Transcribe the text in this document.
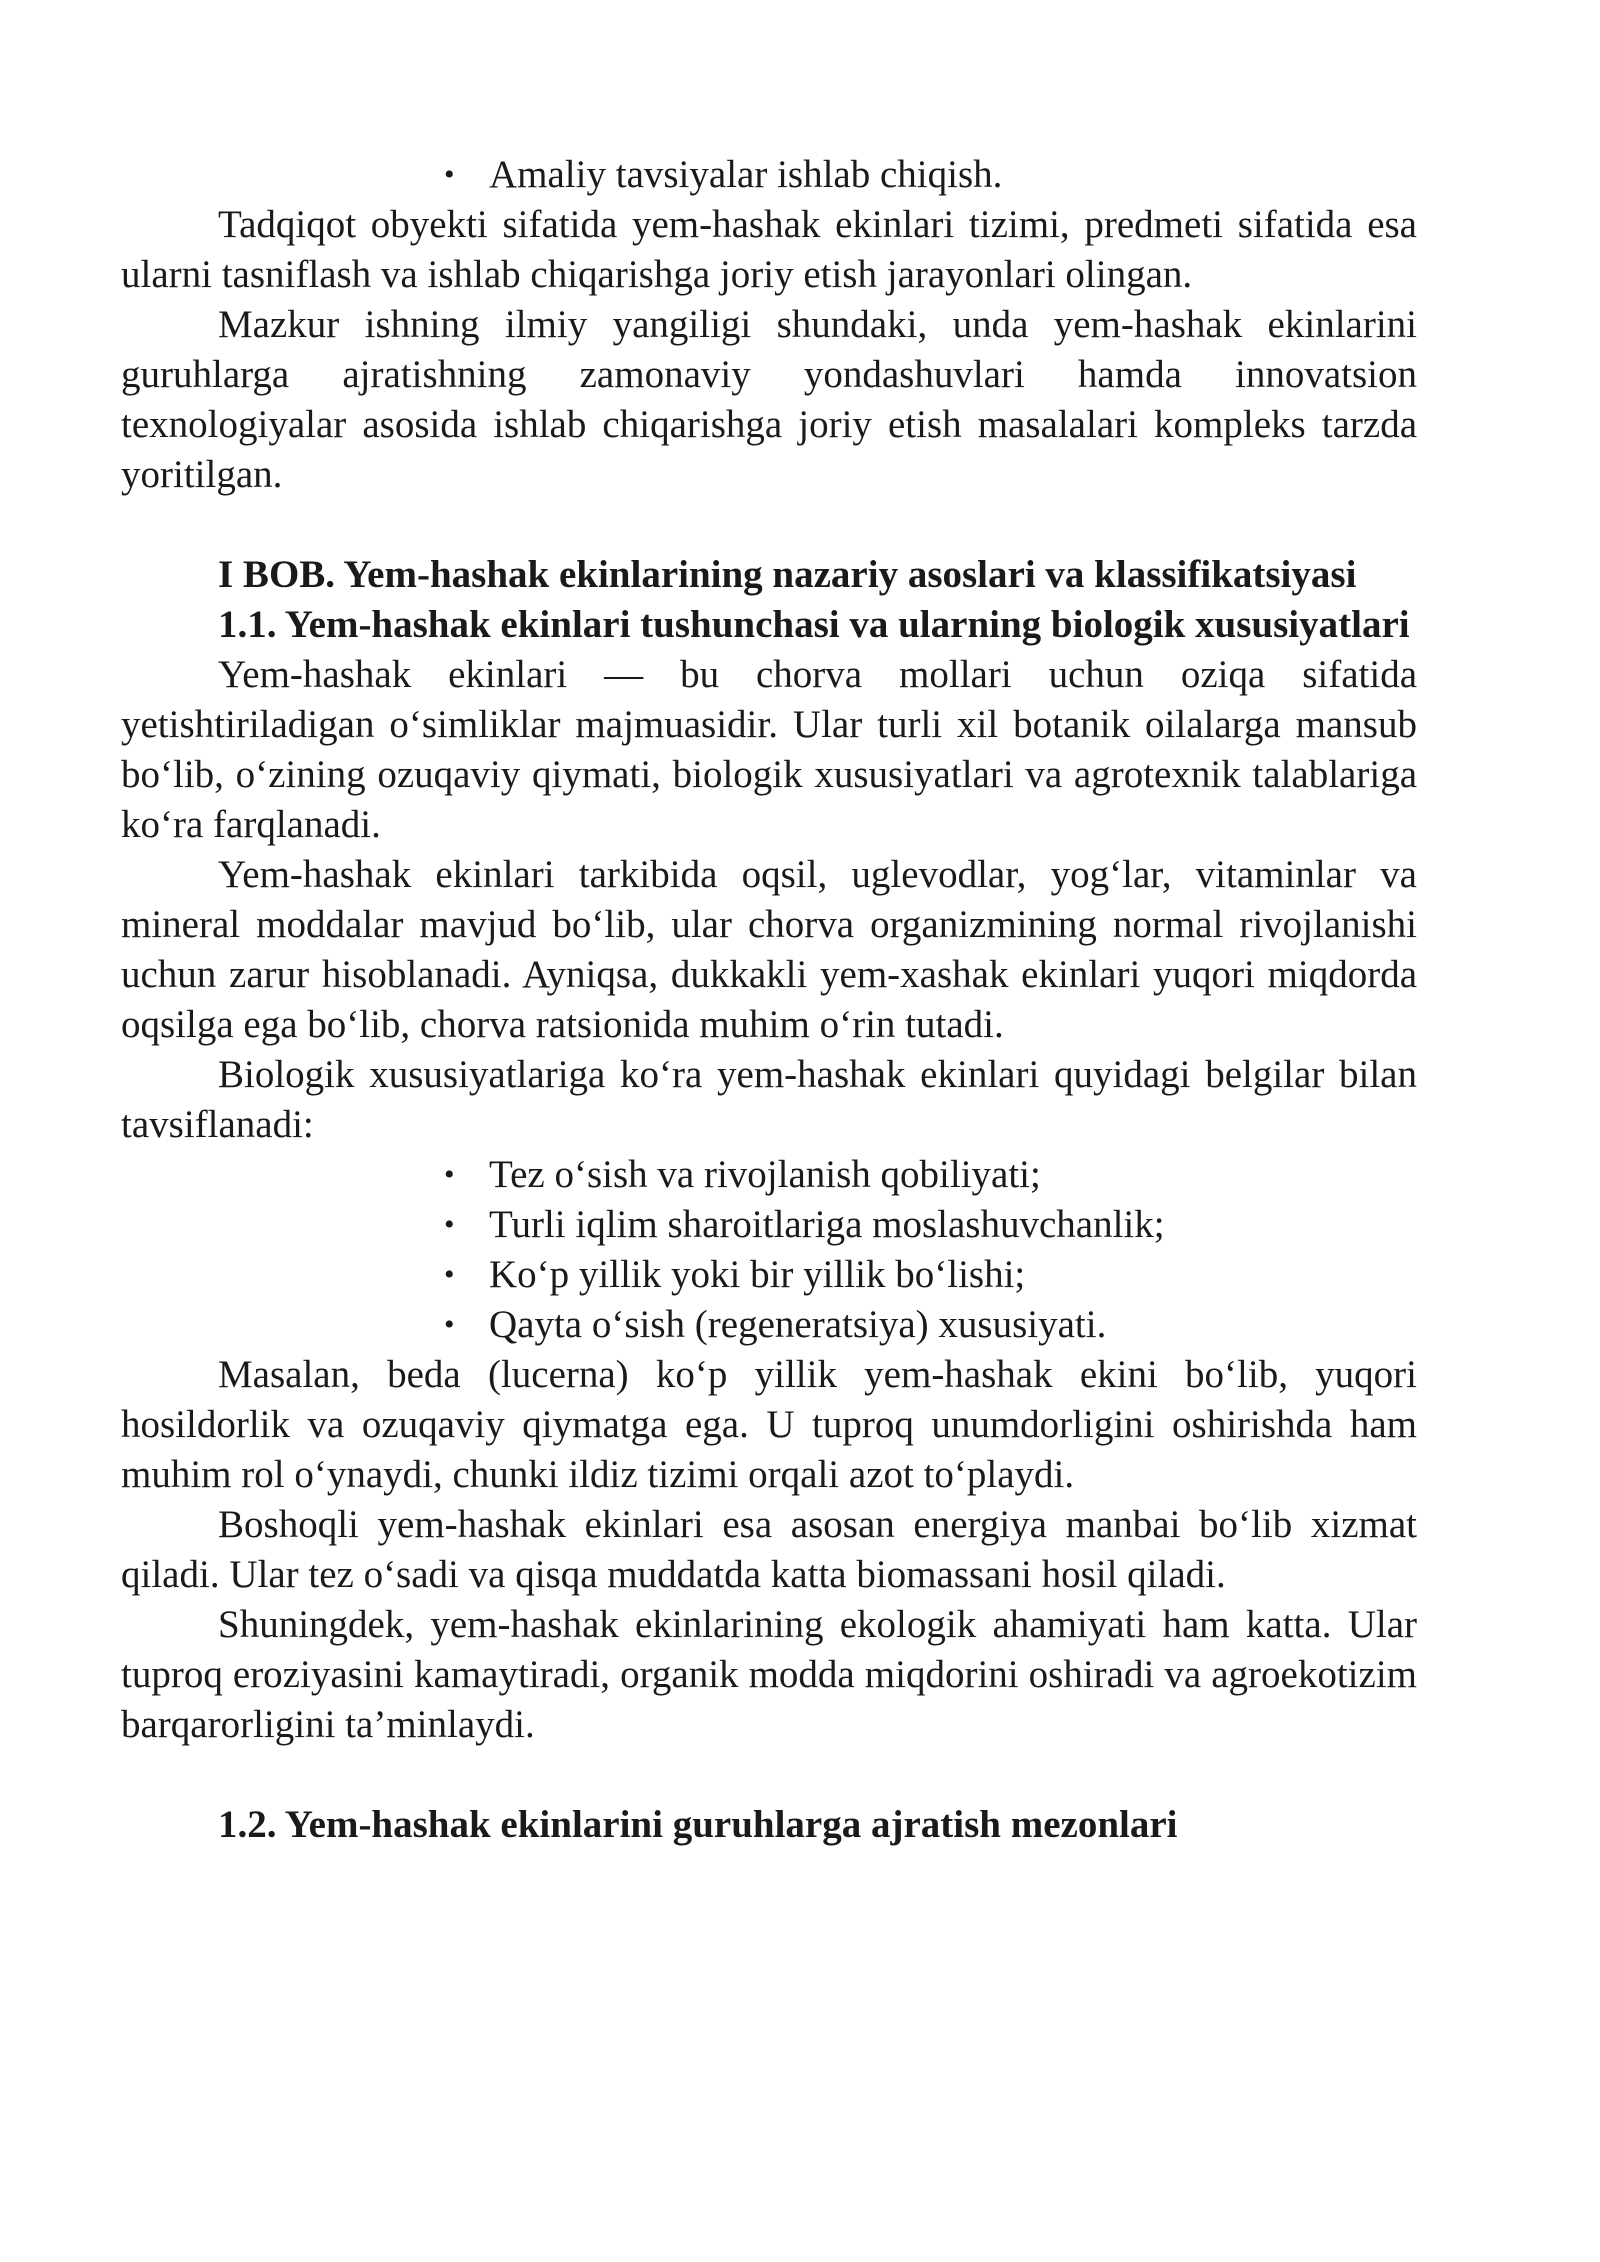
• Amaliy tavsiyalar ishlab chiqish.

Tadqiqot obyekti sifatida yem-hashak ekinlari tizimi, predmeti sifatida esa ularni tasniflash va ishlab chiqarishga joriy etish jarayonlari olingan.

Mazkur ishning ilmiy yangiligi shundaki, unda yem-hashak ekinlarini guruhlarga ajratishning zamonaviy yondashuvlari hamda innovatsion texnologiyalar asosida ishlab chiqarishga joriy etish masalalari kompleks tarzda yoritilgan.

I BOB. Yem-hashak ekinlarining nazariy asoslari va klassifikatsiyasi

1.1. Yem-hashak ekinlari tushunchasi va ularning biologik xususiyatlari

Yem-hashak ekinlari — bu chorva mollari uchun oziqa sifatida yetishtiriladigan o‘simliklar majmuasidir. Ular turli xil botanik oilalarga mansub bo‘lib, o‘zining ozuqaviy qiymati, biologik xususiyatlari va agrotexnik talablariga ko‘ra farqlanadi.

Yem-hashak ekinlari tarkibida oqsil, uglevodlar, yog‘lar, vitaminlar va mineral moddalar mavjud bo‘lib, ular chorva organizmining normal rivojlanishi uchun zarur hisoblanadi. Ayniqsa, dukkakli yem-xashak ekinlari yuqori miqdorda oqsilga ega bo‘lib, chorva ratsionida muhim o‘rin tutadi.

Biologik xususiyatlariga ko‘ra yem-hashak ekinlari quyidagi belgilar bilan tavsiflanadi:

• Tez o‘sish va rivojlanish qobiliyati;
• Turli iqlim sharoitlariga moslashuvchanlik;
• Ko‘p yillik yoki bir yillik bo‘lishi;
• Qayta o‘sish (regeneratsiya) xususiyati.

Masalan, beda (lucerna) ko‘p yillik yem-hashak ekini bo‘lib, yuqori hosildorlik va ozuqaviy qiymatga ega. U tuproq unumdorligini oshirishda ham muhim rol o‘ynaydi, chunki ildiz tizimi orqali azot to‘playdi.

Boshoqli yem-hashak ekinlari esa asosan energiya manbai bo‘lib xizmat qiladi. Ular tez o‘sadi va qisqa muddatda katta biomassani hosil qiladi.

Shuningdek, yem-hashak ekinlarining ekologik ahamiyati ham katta. Ular tuproq eroziyasini kamaytiradi, organik modda miqdorini oshiradi va agroekotizim barqarorligini ta’minlaydi.

1.2. Yem-hashak ekinlarini guruhlarga ajratish mezonlari
